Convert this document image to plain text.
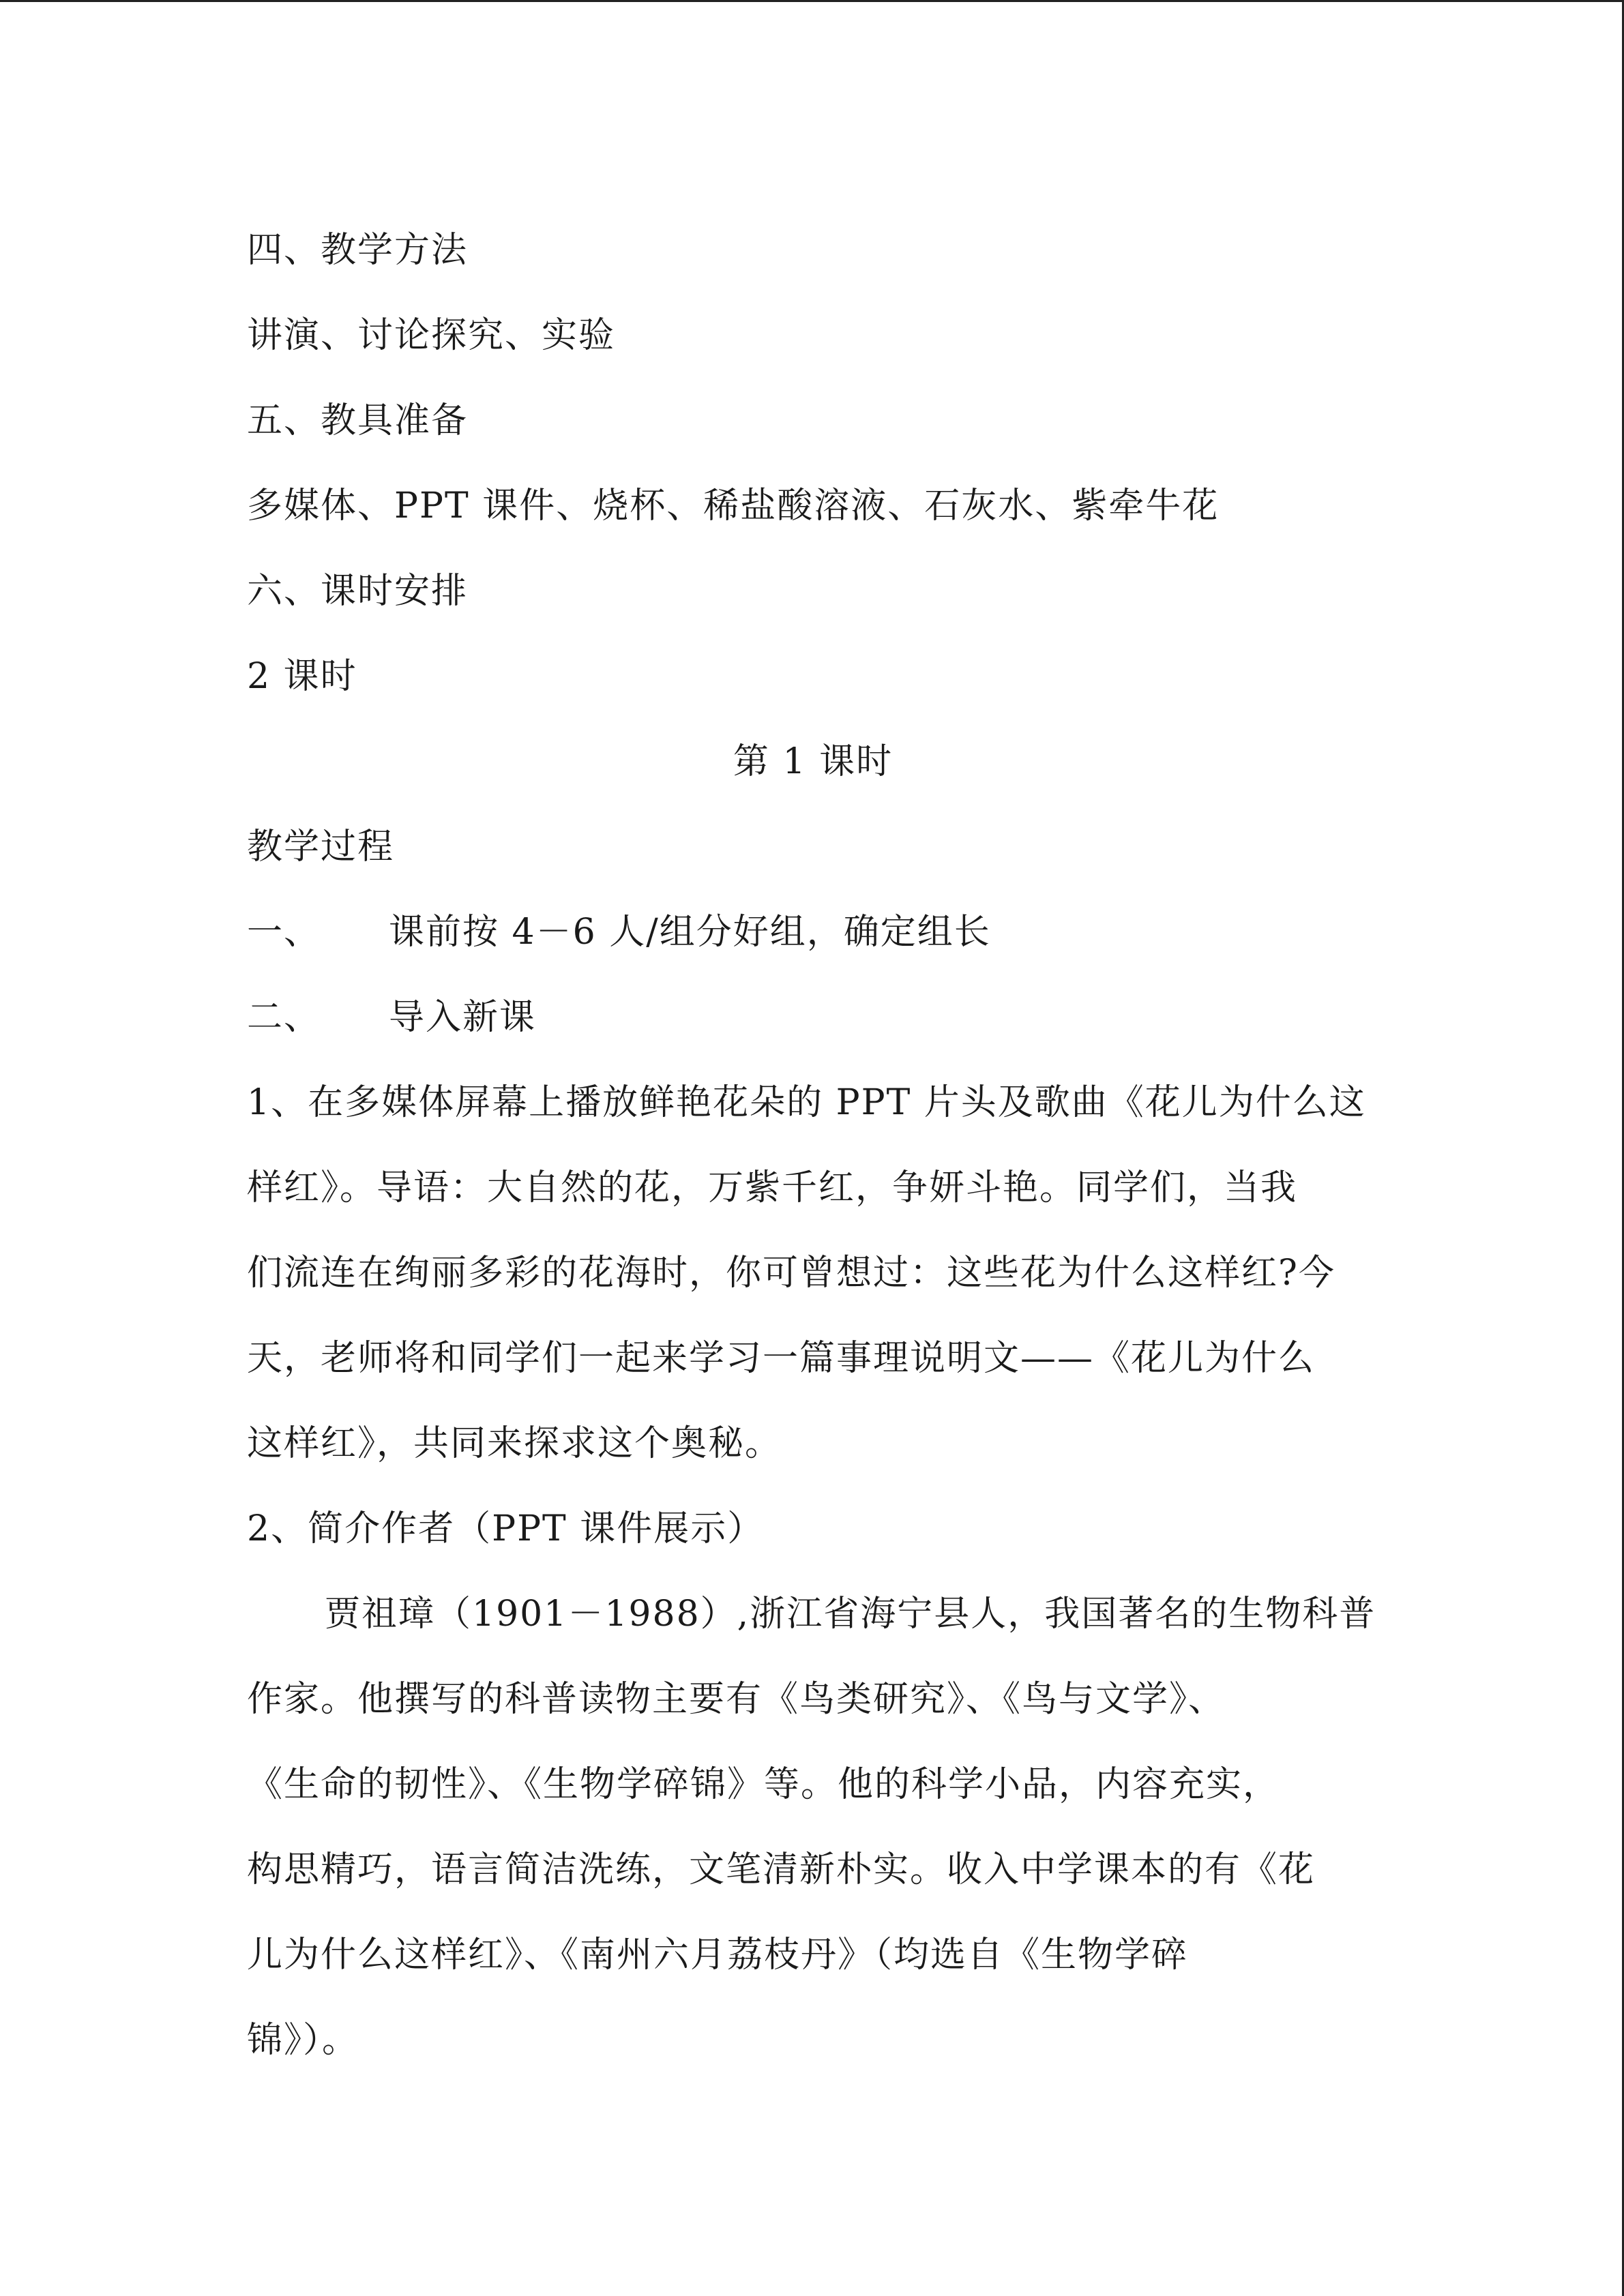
四、教学方法
讲演、讨论探究、实验
五、教具准备
多媒体、PPT 课件、烧杯、稀盐酸溶液、石灰水、紫牵牛花
六、课时安排
2 课时
第 1 课时
教学过程
一、 课前按 4－6 人/组分好组，确定组长
二、 导入新课
1、在多媒体屏幕上播放鲜艳花朵的 PPT 片头及歌曲《花儿为什么这
样红》。导语：大自然的花，万紫千红，争妍斗艳。同学们，当我
们流连在绚丽多彩的花海时，你可曾想过：这些花为什么这样红?今
天，老师将和同学们一起来学习一篇事理说明文——《花儿为什么
这样红》，共同来探求这个奥秘。
2、简介作者（PPT 课件展示）
贾祖璋（1901－1988）,浙江省海宁县人，我国著名的生物科普
作家。他撰写的科普读物主要有《鸟类研究》、《鸟与文学》、
《生命的韧性》、《生物学碎锦》等。他的科学小品，内容充实，
构思精巧，语言简洁洗练，文笔清新朴实。收入中学课本的有《花
儿为什么这样红》、《南州六月荔枝丹》（均选自《生物学碎
锦》）。
